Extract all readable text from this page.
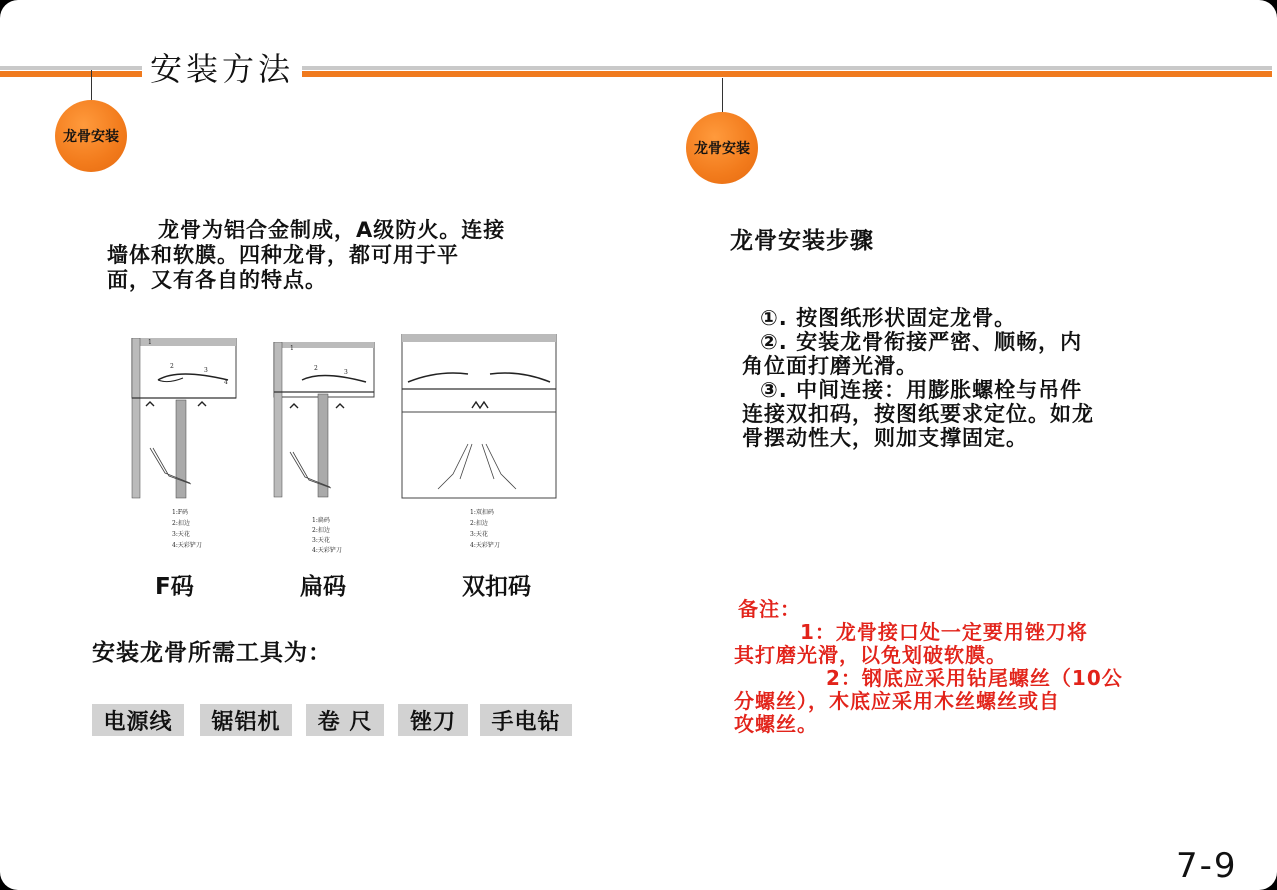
安装方法
龙骨安装
龙骨安装
龙骨为铝合金制成，A级防火。连接
墙体和软膜。四种龙骨，都可用于平
面，又有各自的特点。
1
2
3
4
1:F码
2:扣边
3:天花
4:天彩铲刀
F码
1
2
3
1:扁码
2:扣边
3:天花
4:天彩铲刀
扁码
1:双扣码
2:扣边
3:天花
4:天彩铲刀
双扣码
安装龙骨所需工具为：
电源线	锯铝机	卷 尺	锉刀	手电钻
龙骨安装步骤
①. 按图纸形状固定龙骨。
②. 安装龙骨衔接严密、顺畅，内
角位面打磨光滑。
③. 中间连接：用膨胀螺栓与吊件
连接双扣码，按图纸要求定位。如龙
骨摆动性大，则加支撑固定。
备注：
1：龙骨接口处一定要用锉刀将
其打磨光滑，以免划破软膜。
2：钢底应采用钻尾螺丝（10公
分螺丝），木底应采用木丝螺丝或自
攻螺丝。
7-9
